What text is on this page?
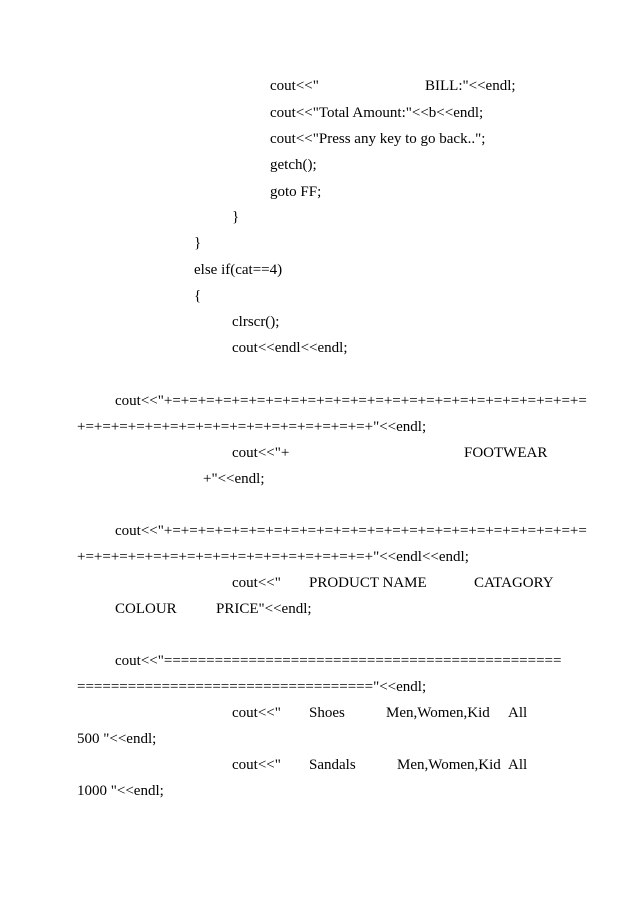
cout<<"	BILL:"<<endl;
cout<<"Total Amount:"<<b<<endl;
cout<<"Press any key to go back..";
getch();
goto FF;
}
}
else if(cat==4)
{
clrscr();
cout<<endl<<endl;
cout<<"+=+=+=+=+=+=+=+=+=+=+=+=+=+=+=+=+=+=+=+=+=+=+=+=+=
+=+=+=+=+=+=+=+=+=+=+=+=+=+=+=+=+=+"<<endl;
cout<<"+	FOOTWEAR
+"<<endl;
cout<<"+=+=+=+=+=+=+=+=+=+=+=+=+=+=+=+=+=+=+=+=+=+=+=+=+=
+=+=+=+=+=+=+=+=+=+=+=+=+=+=+=+=+=+"<<endl<<endl;
cout<<" PRODUCT NAME	CATAGORY
COLOUR	PRICE"<<endl;
cout<<"===============================================
==================================="<<endl;
cout<<" Shoes	Men,Women,Kid All
500 "<<endl;
cout<<" Sandals	Men,Women,Kid All
1000 "<<endl;
